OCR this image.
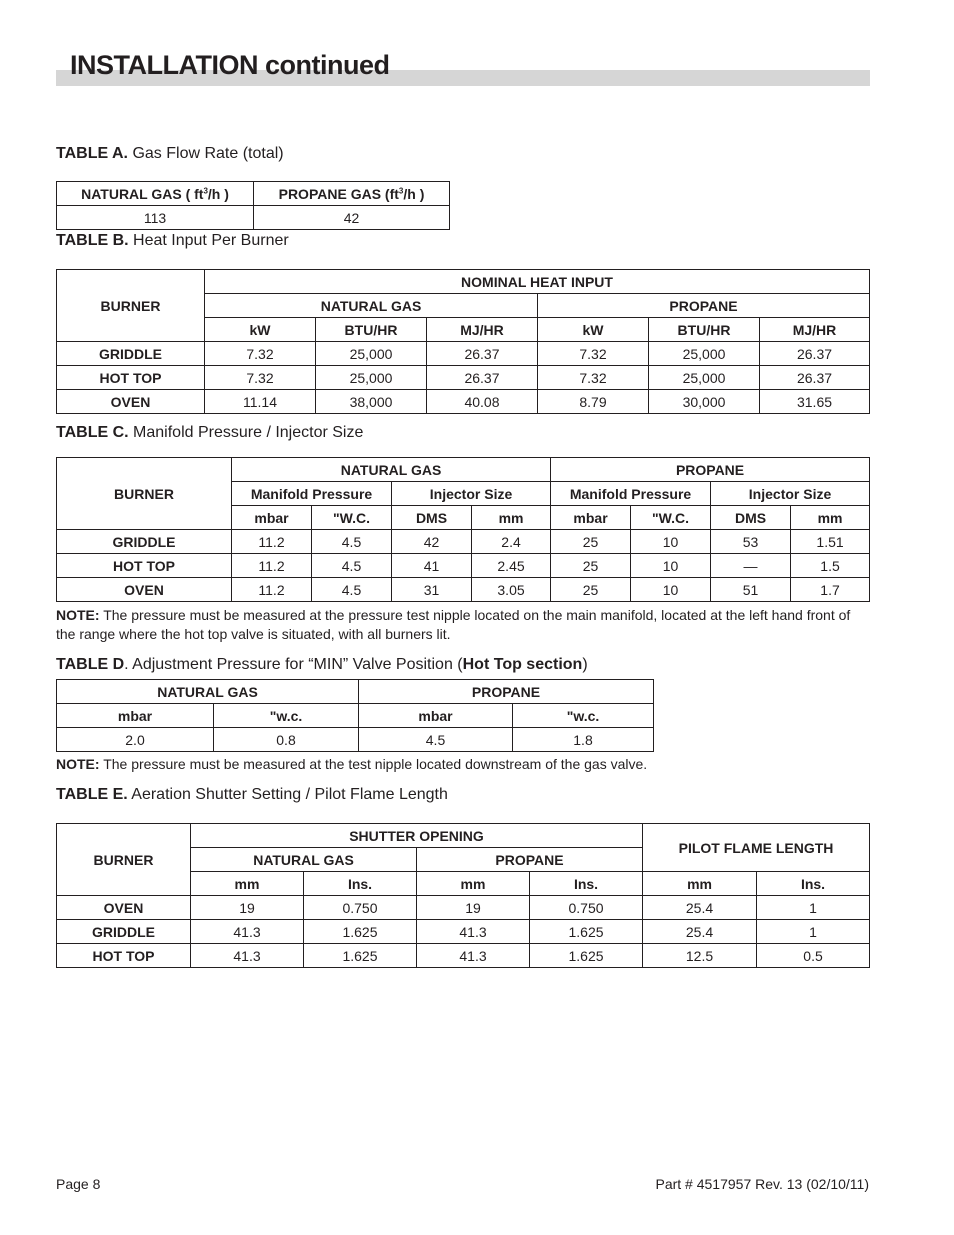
INSTALLATION continued
TABLE A. Gas Flow Rate (total)
NATURAL GAS ( $ft^3/h$ )	PROPANE GAS ($ft^3/h$ )
113	42
TABLE B. Heat Input Per Burner
BURNER	NOMINAL HEAT INPUT					
	NATURAL GAS			PROPANE		
	kW	BTU/HR	MJ/HR	kW	BTU/HR	MJ/HR
GRIDDLE	7.32	25,000	26.37	7.32	25,000	26.37
HOT TOP	7.32	25,000	26.37	7.32	25,000	26.37
OVEN	11.14	38,000	40.08	8.79	30,000	31.65
TABLE C. Manifold Pressure / Injector Size
BURNER	NATURAL GAS				PROPANE			
	Manifold Pressure		Injector Size		Manifold Pressure		Injector Size	
	mbar	"W.C.	DMS	mm	mbar	"W.C.	DMS	mm
GRIDDLE	11.2	4.5	42	2.4	25	10	53	1.51
HOT TOP	11.2	4.5	41	2.45	25	10	—	1.5
OVEN	11.2	4.5	31	3.05	25	10	51	1.7
NOTE: The pressure must be measured at the pressure test nipple located on the main manifold, located at the left hand front of the range where the hot top valve is situated, with all burners lit.
TABLE D. Adjustment Pressure for “MIN” Valve Position (Hot Top section)
NATURAL GAS		PROPANE	
mbar	"w.c.	mbar	"w.c.
2.0	0.8	4.5	1.8
NOTE: The pressure must be measured at the test nipple located downstream of the gas valve.
TABLE E. Aeration Shutter Setting / Pilot Flame Length
BURNER	SHUTTER OPENING				PILOT FLAME LENGTH	
	NATURAL GAS		PROPANE			
	mm	Ins.	mm	Ins.	mm	Ins.
OVEN	19	0.750	19	0.750	25.4	1
GRIDDLE	41.3	1.625	41.3	1.625	25.4	1
HOT TOP	41.3	1.625	41.3	1.625	12.5	0.5
Page 8	Part # 4517957 Rev. 13 (02/10/11)
